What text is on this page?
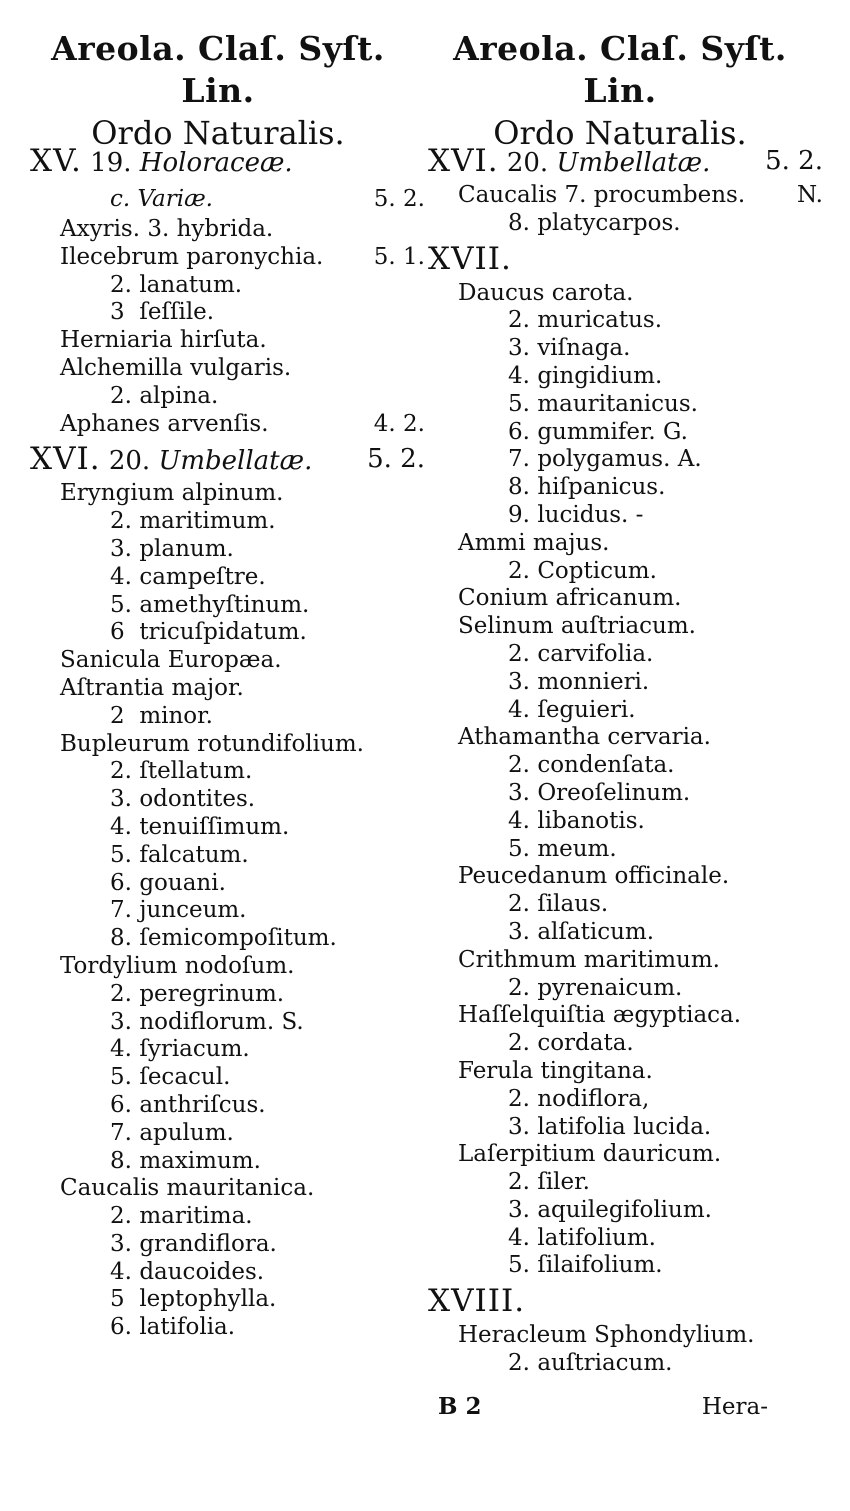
Areola. Claſ. Syſt. Lin.
Ordo Naturalis.
Areola. Claſ. Syſt. Lin.
Ordo Naturalis.
XV. 19. Holoraceæ.
c. Variæ.	5. 2.
Axyris. 3. hybrida.
Ilecebrum paronychia. 5. 1.
2. lanatum.
3 ſeſſile.
Herniaria hirſuta.
Alchemilla vulgaris.
2. alpina.
Aphanes arvenſis.	4. 2.
XVI. 20. Umbellatæ. 5. 2.
Eryngium alpinum.
2. maritimum.
3. planum.
4. campeſtre.
5. amethyſtinum.
6 tricuſpidatum.
Sanicula Europæa.
Aſtrantia major.
2 minor.
Bupleurum rotundifolium.
2. ſtellatum.
3. odontites.
4. tenuiſſimum.
5. falcatum.
6. gouani.
7. junceum.
8. ſemicompoſitum.
Tordylium nodoſum.
2. peregrinum.
3. nodiflorum. S.
4. ſyriacum.
5. ſecacul.
6. anthriſcus.
7. apulum.
8. maximum.
Caucalis mauritanica.
2. maritima.
3. grandiflora.
4. daucoides.
5 leptophylla.
6. latifolia.
XVI. 20. Umbellatæ. 5. 2.
Caucalis 7. procumbens. N.
8. platycarpos.
XVII.
Daucus carota.
2. muricatus.
3. viſnaga.
4. gingidium.
5. mauritanicus.
6. gummifer. G.
7. polygamus. A.
8. hiſpanicus.
9. lucidus. -
Ammi majus.
2. Copticum.
Conium africanum.
Selinum auſtriacum.
2. carvifolia.
3. monnieri.
4. ſeguieri.
Athamantha cervaria.
2. condenſata.
3. Oreoſelinum.
4. libanotis.
5. meum.
Peucedanum officinale.
2. ſilaus.
3. alſaticum.
Crithmum maritimum.
2. pyrenaicum.
Haſſelquiſtia ægyptiaca.
2. cordata.
Ferula tingitana.
2. nodiflora,
3. latifolia lucida.
Laſerpitium dauricum.
2. ſiler.
3. aquilegifolium.
4. latifolium.
5. ſilaifolium.
XVIII.
Heracleum Sphondylium.
2. auſtriacum.
B 2	Hera-
